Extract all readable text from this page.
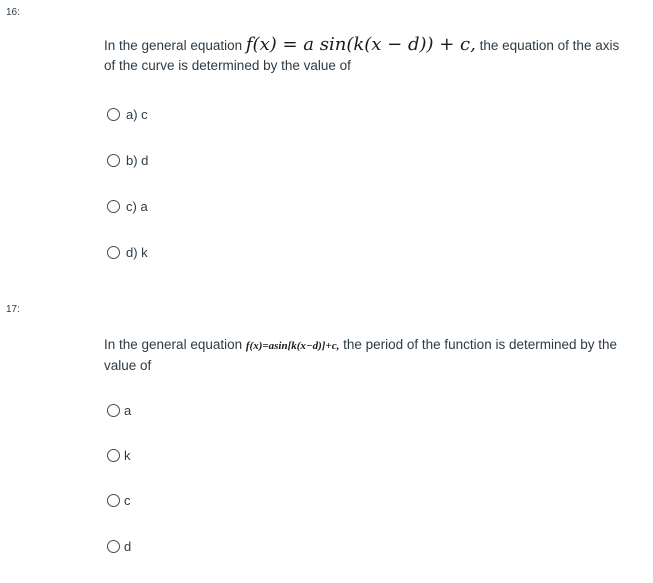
16:
In the general equation f(x) = a sin(k(x − d)) + c, the equation of the axis of the curve is determined by the value of
a) c
b) d
c) a
d) k
17:
In the general equation f(x)=asin[k(x−d)]+c, the period of the function is determined by the value of
a
k
c
d
